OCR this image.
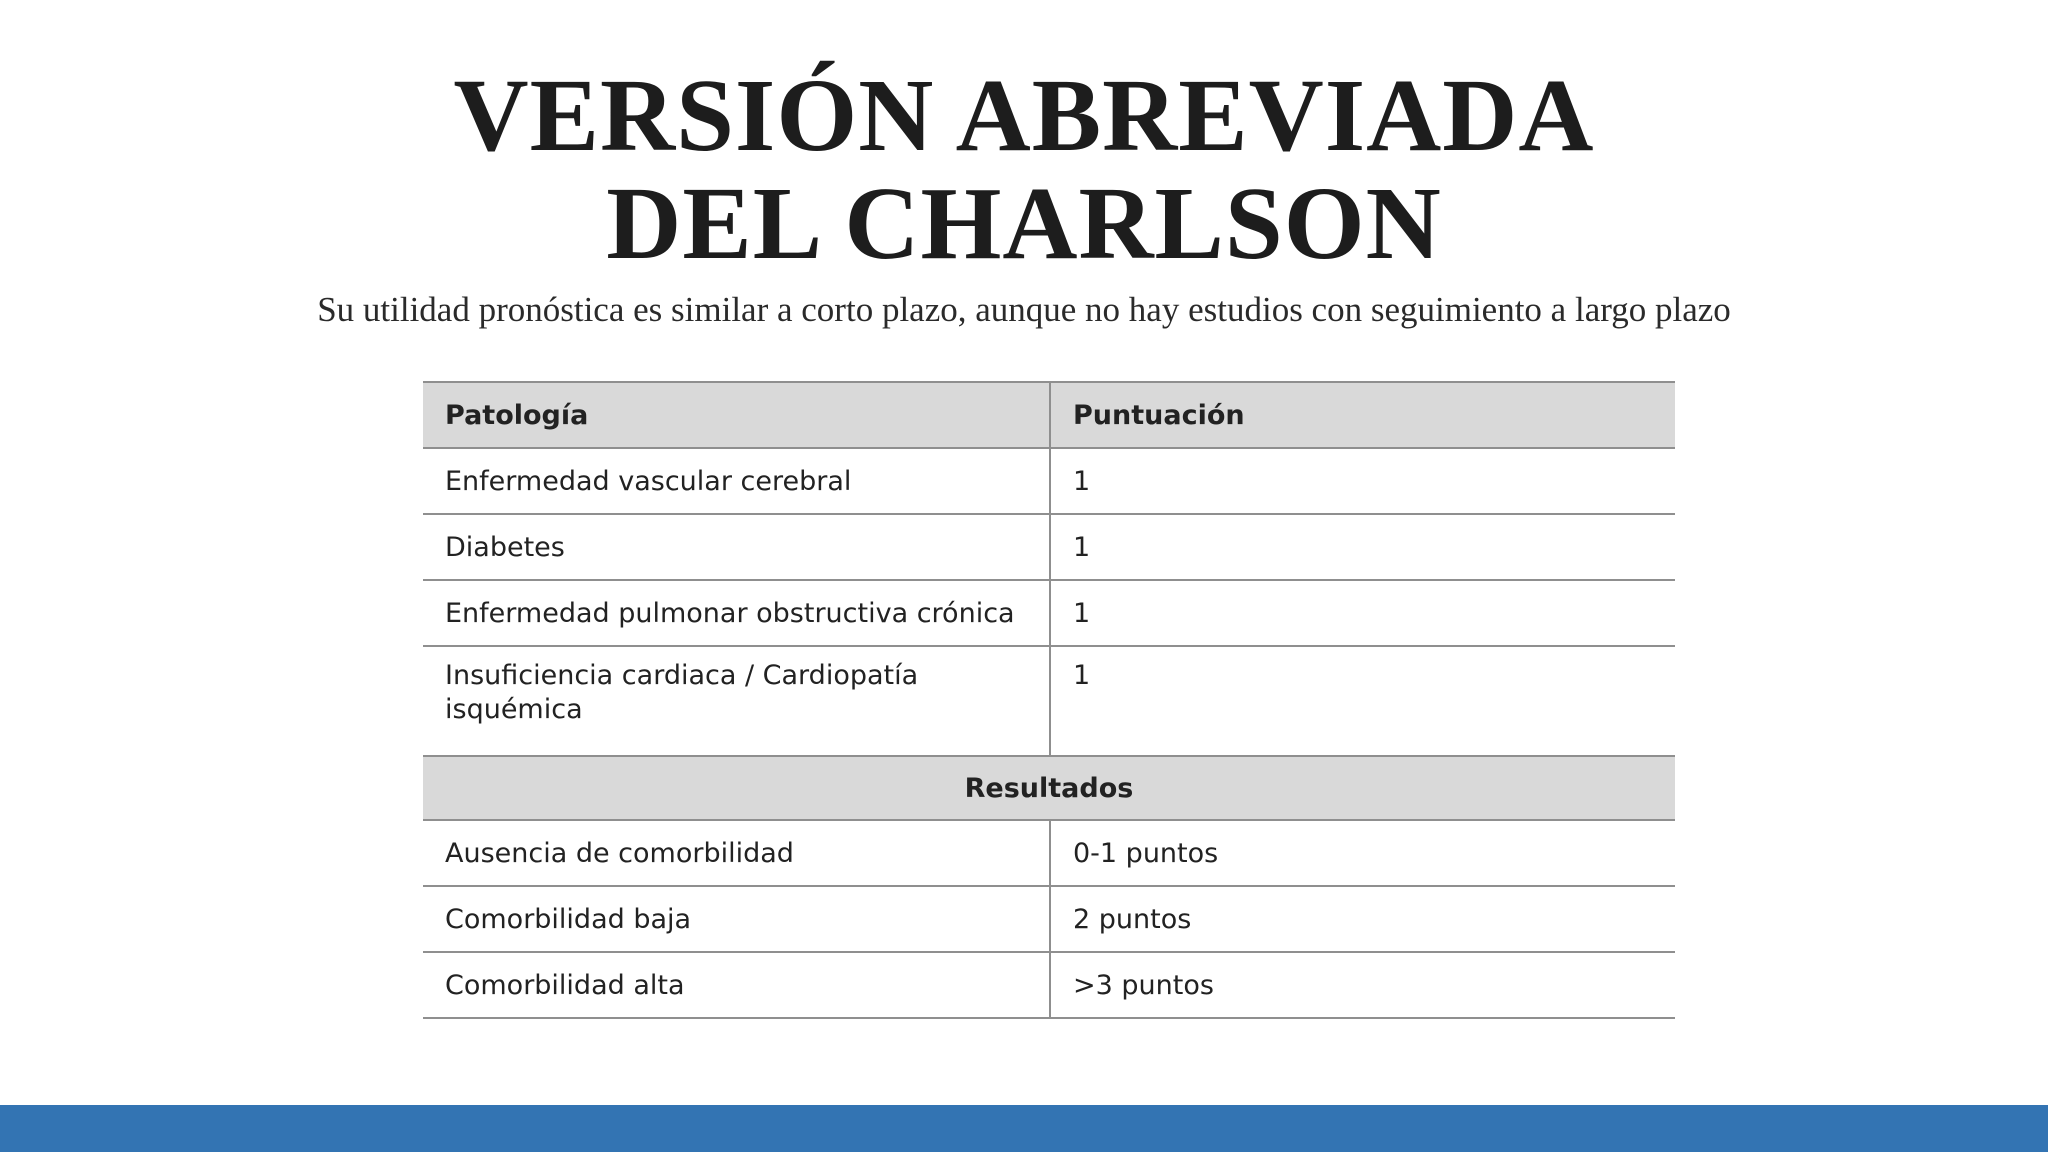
VERSIÓN ABREVIADA
DEL CHARLSON

Su utilidad pronóstica es similar a corto plazo, aunque no hay estudios con seguimiento a largo plazo

Patología	Puntuación
Enfermedad vascular cerebral	1
Diabetes	1
Enfermedad pulmonar obstructiva crónica	1
Insuficiencia cardiaca / Cardiopatía isquémica	1
Resultados	
Ausencia de comorbilidad	0-1 puntos
Comorbilidad baja	2 puntos
Comorbilidad alta	>3 puntos
